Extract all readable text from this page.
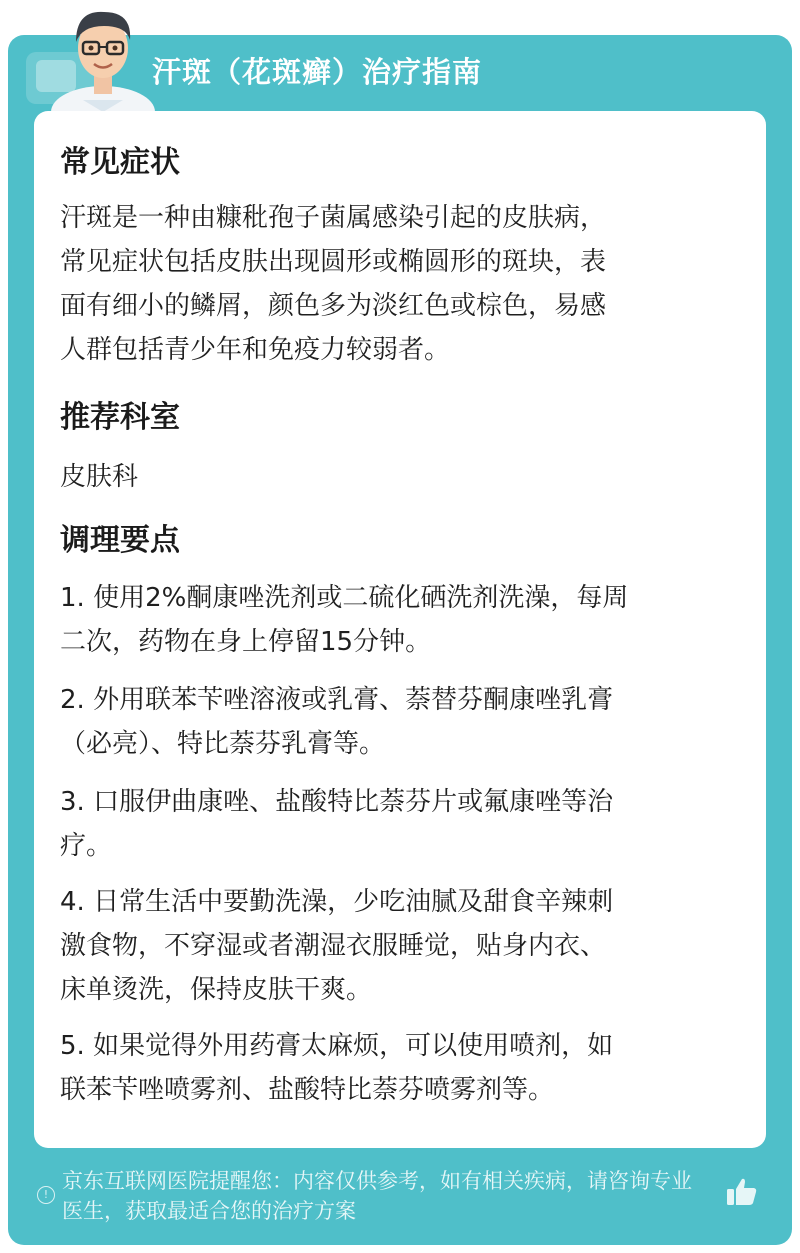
汗斑（花斑癣）治疗指南
常见症状
汗斑是一种由糠秕孢子菌属感染引起的皮肤病，
常见症状包括皮肤出现圆形或椭圆形的斑块，表
面有细小的鳞屑，颜色多为淡红色或棕色，易感
人群包括青少年和免疫力较弱者。
推荐科室
皮肤科
调理要点
1. 使用2%酮康唑洗剂或二硫化硒洗剂洗澡，每周
二次，药物在身上停留15分钟。
2. 外用联苯苄唑溶液或乳膏、萘替芬酮康唑乳膏
（必亮）、特比萘芬乳膏等。
3. 口服伊曲康唑、盐酸特比萘芬片或氟康唑等治
疗。
4. 日常生活中要勤洗澡，少吃油腻及甜食辛辣刺
激食物，不穿湿或者潮湿衣服睡觉，贴身内衣、
床单烫洗，保持皮肤干爽。
5. 如果觉得外用药膏太麻烦，可以使用喷剂，如
联苯苄唑喷雾剂、盐酸特比萘芬喷雾剂等。
!
京东互联网医院提醒您：内容仅供参考，如有相关疾病，请咨询专业
医生，获取最适合您的治疗方案
